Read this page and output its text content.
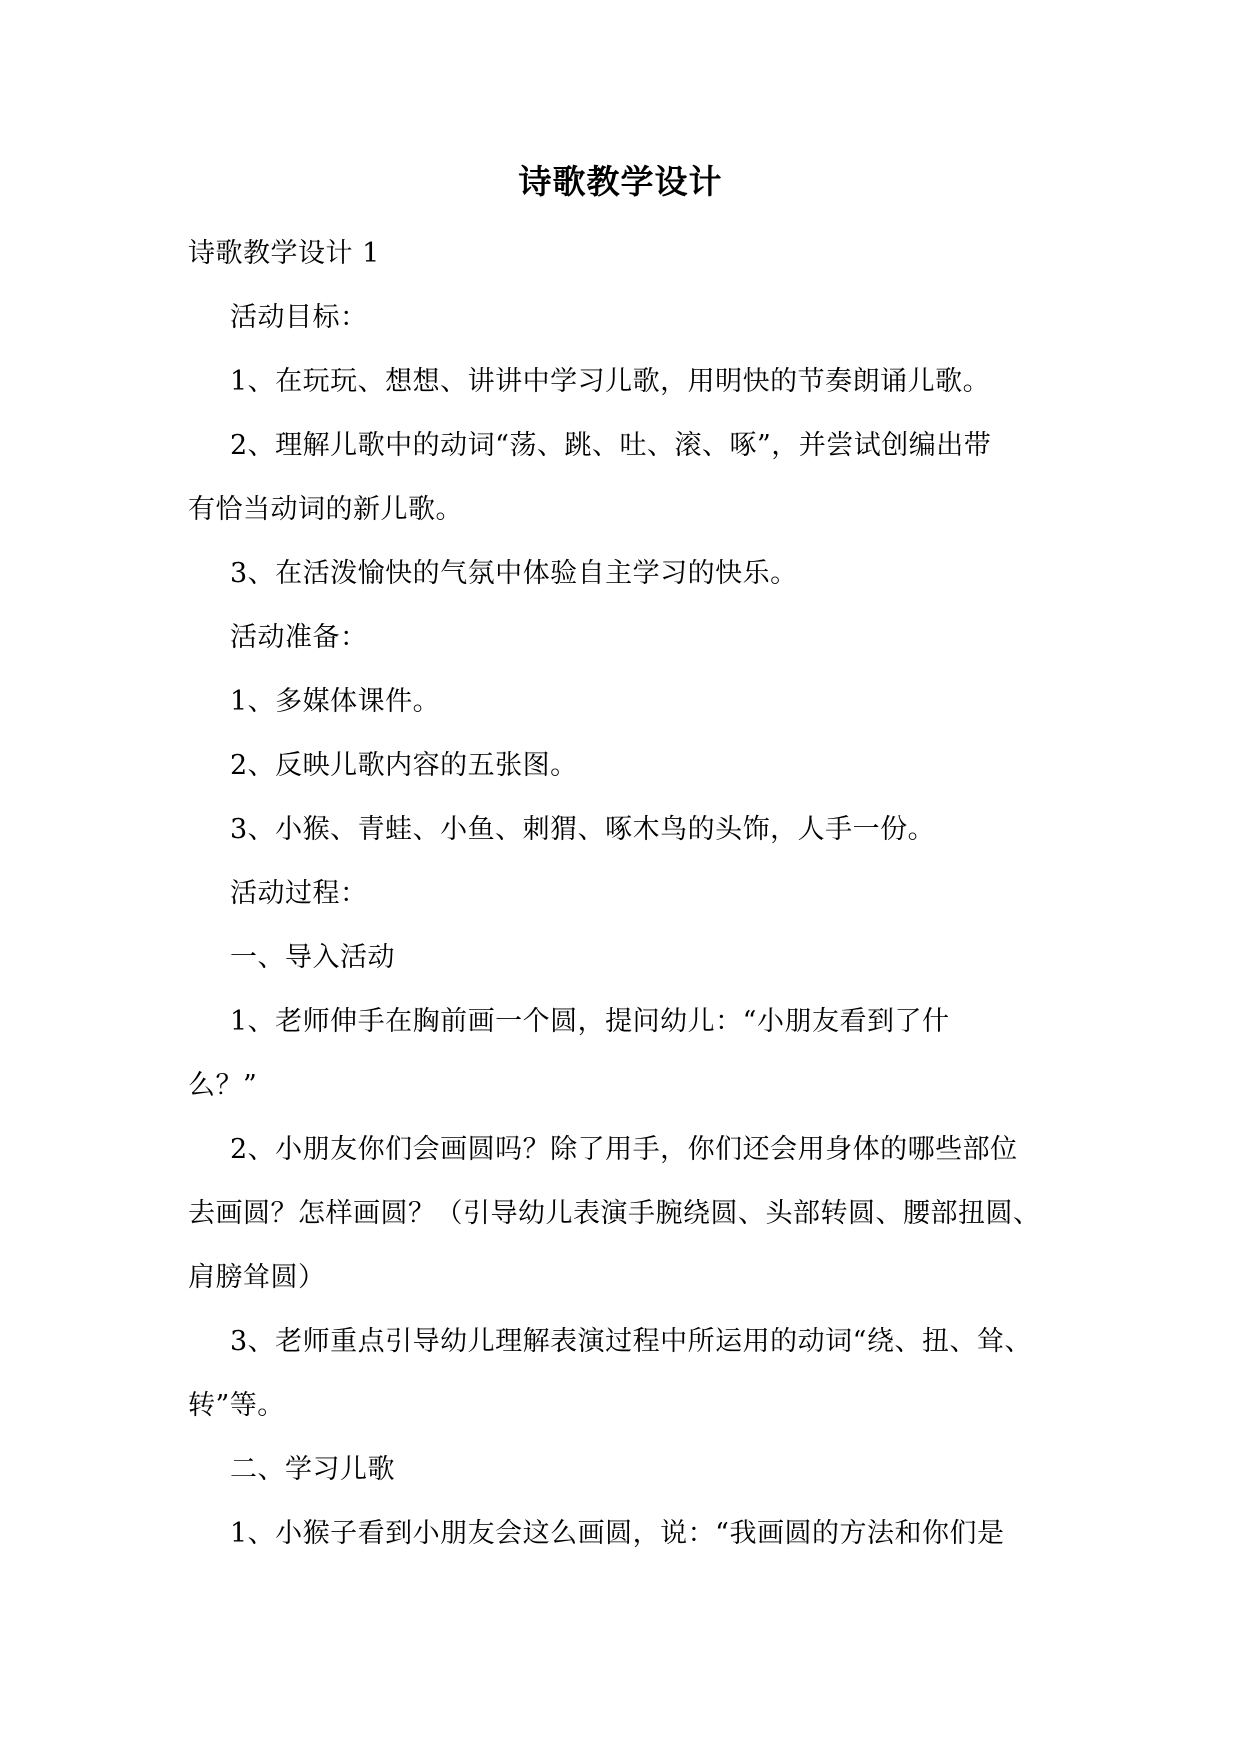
诗歌教学设计
诗歌教学设计 1
活动目标：
1、在玩玩、想想、讲讲中学习儿歌，用明快的节奏朗诵儿歌。
2、理解儿歌中的动词“荡、跳、吐、滚、啄”，并尝试创编出带
有恰当动词的新儿歌。
3、在活泼愉快的气氛中体验自主学习的快乐。
活动准备：
1、多媒体课件。
2、反映儿歌内容的五张图。
3、小猴、青蛙、小鱼、刺猬、啄木鸟的头饰，人手一份。
活动过程：
一、导入活动
1、老师伸手在胸前画一个圆，提问幼儿：“小朋友看到了什
么？”
2、小朋友你们会画圆吗？除了用手，你们还会用身体的哪些部位
去画圆？怎样画圆？（引导幼儿表演手腕绕圆、头部转圆、腰部扭圆、
肩膀耸圆）
3、老师重点引导幼儿理解表演过程中所运用的动词“绕、扭、耸、
转”等。
二、学习儿歌
1、小猴子看到小朋友会这么画圆，说：“我画圆的方法和你们是
